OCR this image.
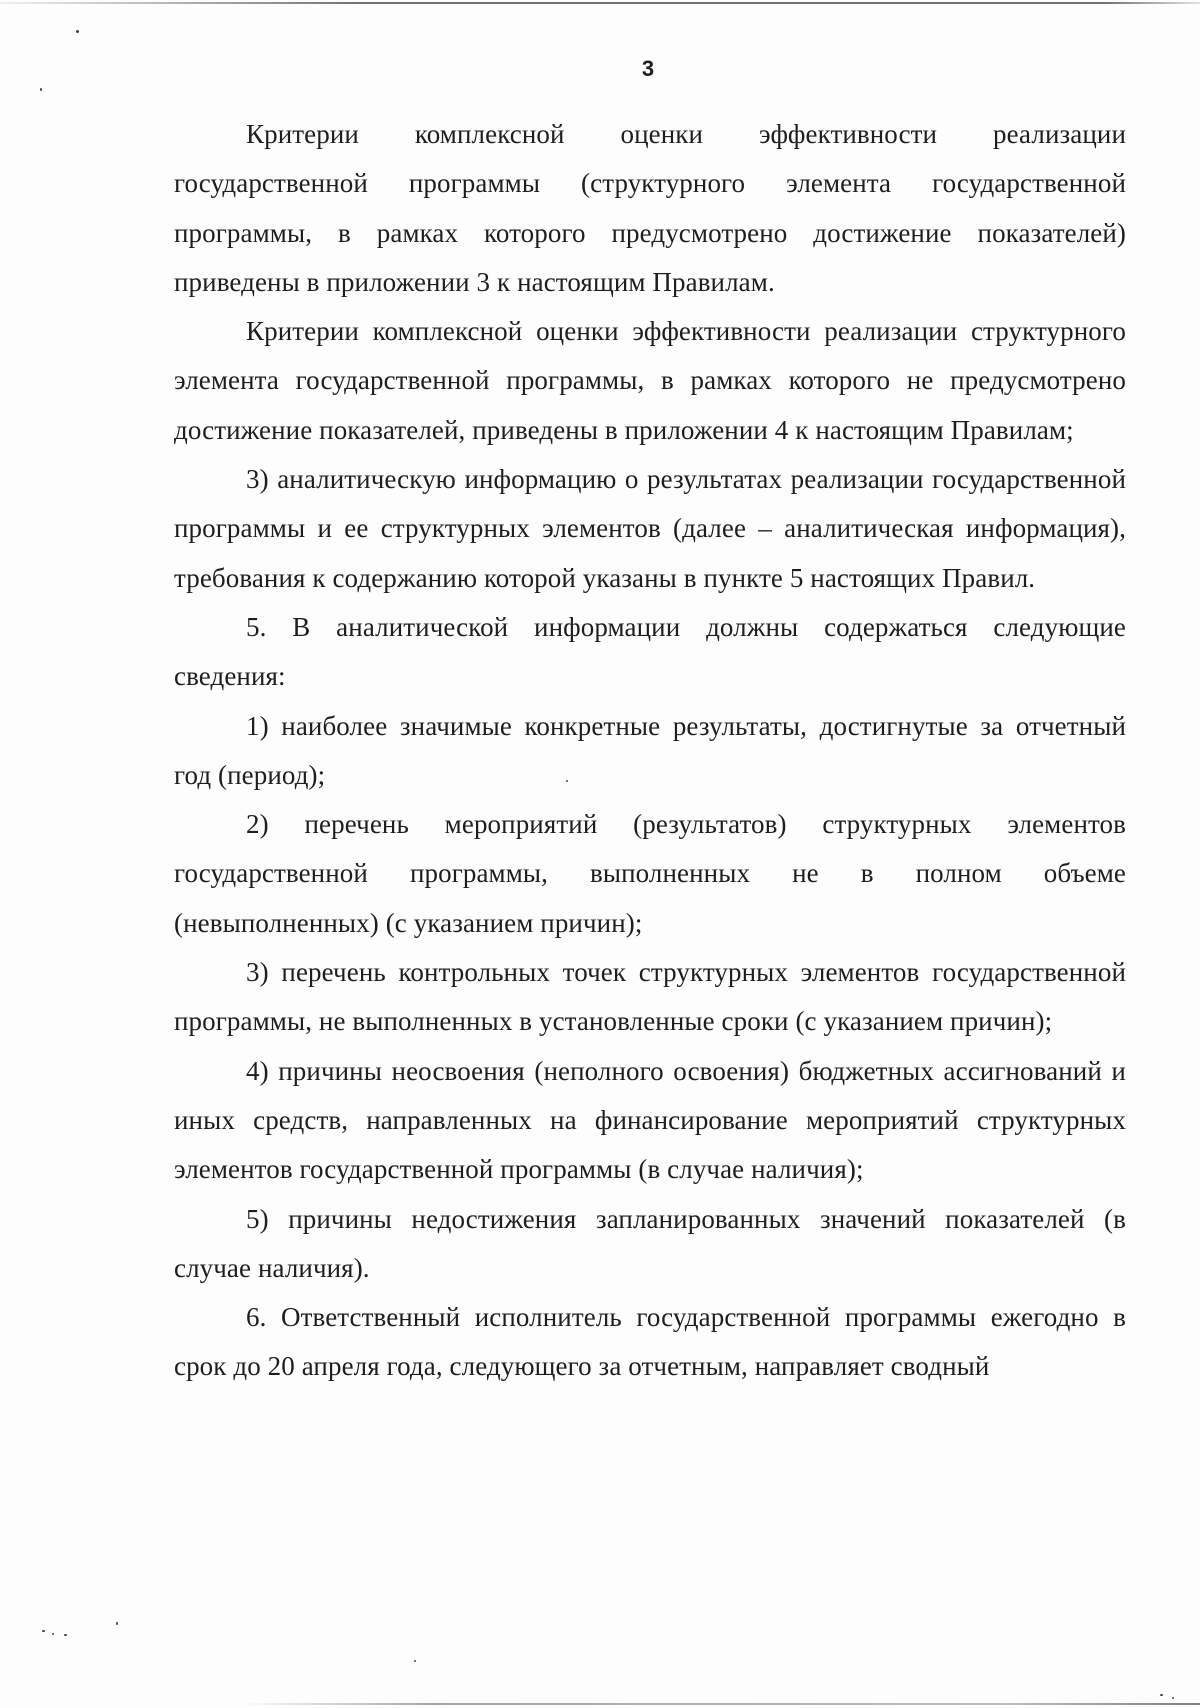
3

Критерии комплексной оценки эффективности реализации государственной программы (структурного элемента государственной программы, в рамках которого предусмотрено достижение показателей) приведены в приложении 3 к настоящим Правилам.

Критерии комплексной оценки эффективности реализации структурного элемента государственной программы, в рамках которого не предусмотрено достижение показателей, приведены в приложении 4 к настоящим Правилам;

3) аналитическую информацию о результатах реализации государственной программы и ее структурных элементов (далее – аналитическая информация), требования к содержанию которой указаны в пункте 5 настоящих Правил.

5. В аналитической информации должны содержаться следующие сведения:

1) наиболее значимые конкретные результаты, достигнутые за отчетный год (период);

2) перечень мероприятий (результатов) структурных элементов государственной программы, выполненных не в полном объеме (невыполненных) (с указанием причин);

3) перечень контрольных точек структурных элементов государственной программы, не выполненных в установленные сроки (с указанием причин);

4) причины неосвоения (неполного освоения) бюджетных ассигнований и иных средств, направленных на финансирование мероприятий структурных элементов государственной программы (в случае наличия);

5) причины недостижения запланированных значений показателей (в случае наличия).

6. Ответственный исполнитель государственной программы ежегодно в срок до 20 апреля года, следующего за отчетным, направляет сводный
